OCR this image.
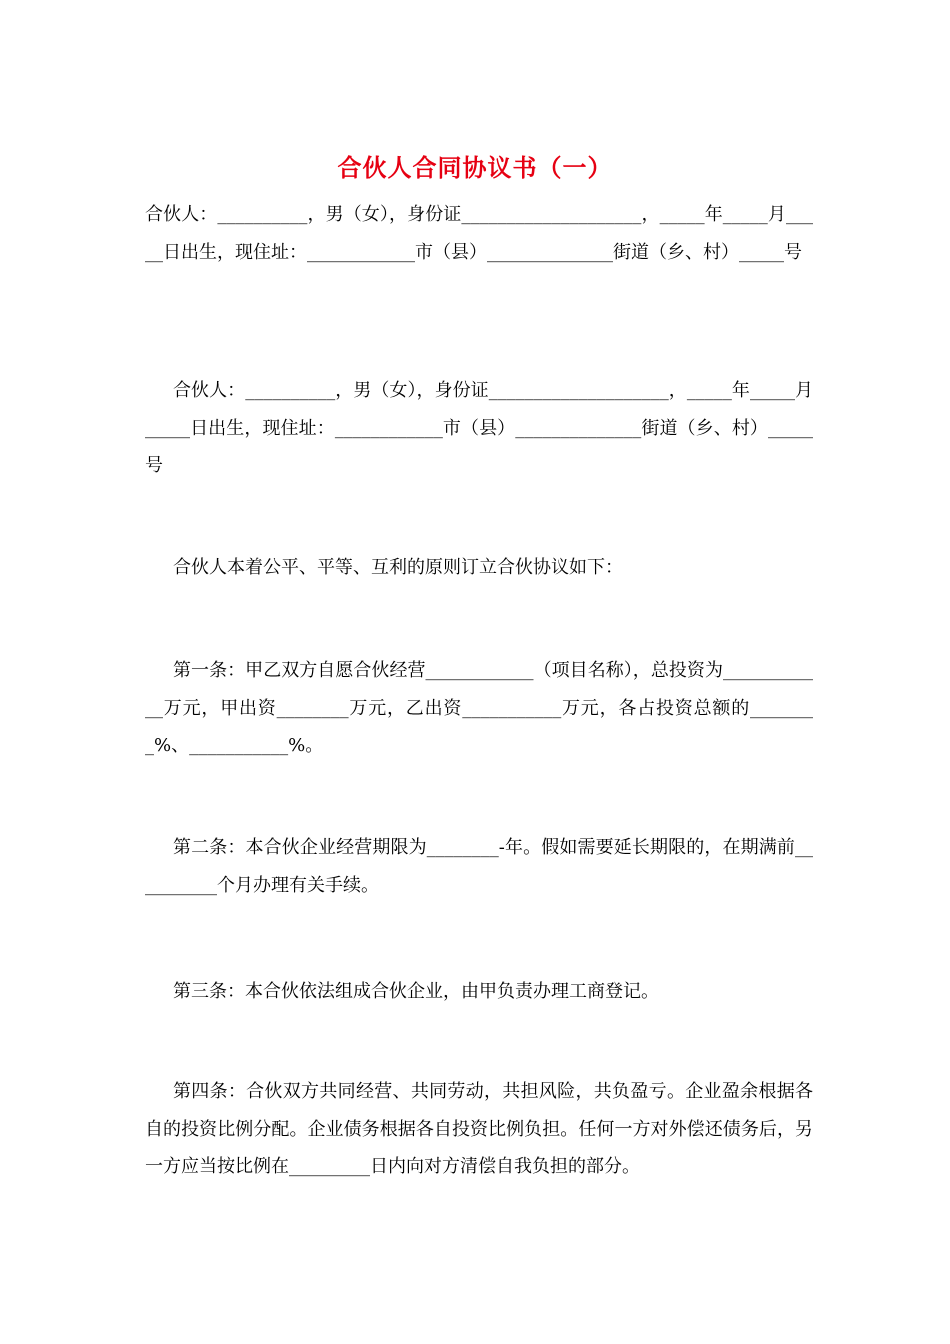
合伙人合同协议书（一）
合伙人：__________，男（女），身份证____________________，_____年_____月_____日出生，现住址：____________市（县）______________街道（乡、村）_____号
合伙人：__________，男（女），身份证____________________，_____年_____月_____日出生，现住址：____________市（县）______________街道（乡、村）_____号
合伙人本着公平、平等、互利的原则订立合伙协议如下：
第一条：甲乙双方自愿合伙经营____________（项目名称），总投资为____________万元，甲出资________万元，乙出资___________万元，各占投资总额的________%、___________%。
第二条：本合伙企业经营期限为________-年。假如需要延长期限的，在期满前__________个月办理有关手续。
第三条：本合伙依法组成合伙企业，由甲负责办理工商登记。
第四条：合伙双方共同经营、共同劳动，共担风险，共负盈亏。企业盈余根据各自的投资比例分配。企业债务根据各自投资比例负担。任何一方对外偿还债务后，另一方应当按比例在_________日内向对方清偿自我负担的部分。
